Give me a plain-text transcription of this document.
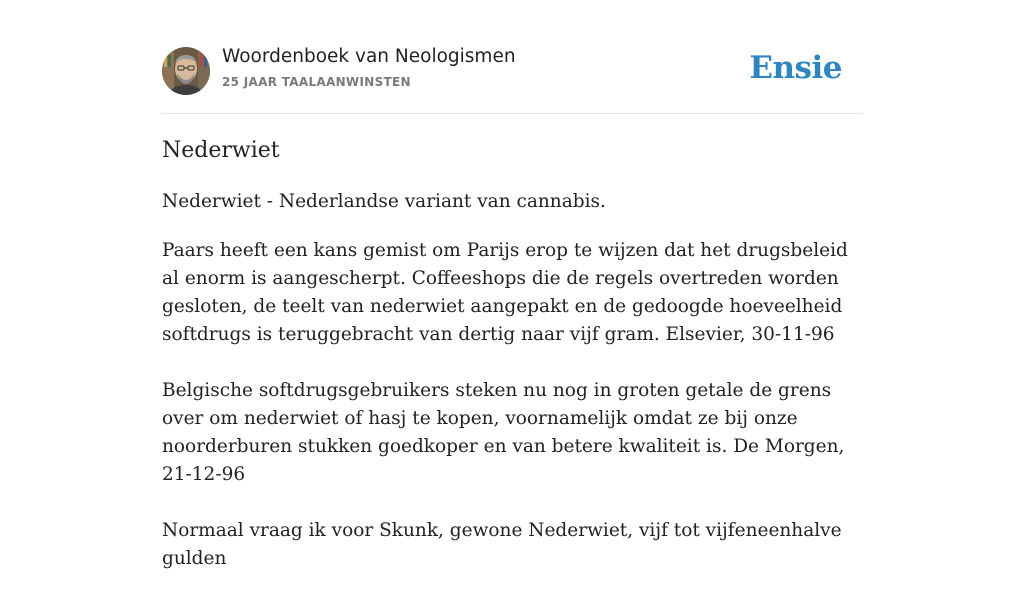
Woordenboek van Neologismen
25 JAAR TAALAANWINSTEN	Ensie
Nederwiet

Nederwiet - Nederlandse variant van cannabis.

Paars heeft een kans gemist om Parijs erop te wijzen dat het drugsbeleid al enorm is aangescherpt. Coffeeshops die de regels overtreden worden gesloten, de teelt van nederwiet aangepakt en de gedoogde hoeveelheid softdrugs is teruggebracht van dertig naar vijf gram. Elsevier, 30-11-96

Belgische softdrugsgebruikers steken nu nog in groten getale de grens over om nederwiet of hasj te kopen, voornamelijk omdat ze bij onze noorderburen stukken goedkoper en van betere kwaliteit is. De Morgen, 21-12-96

Normaal vraag ik voor Skunk, gewone Nederwiet, vijf tot vijfeneenhalve gulden
